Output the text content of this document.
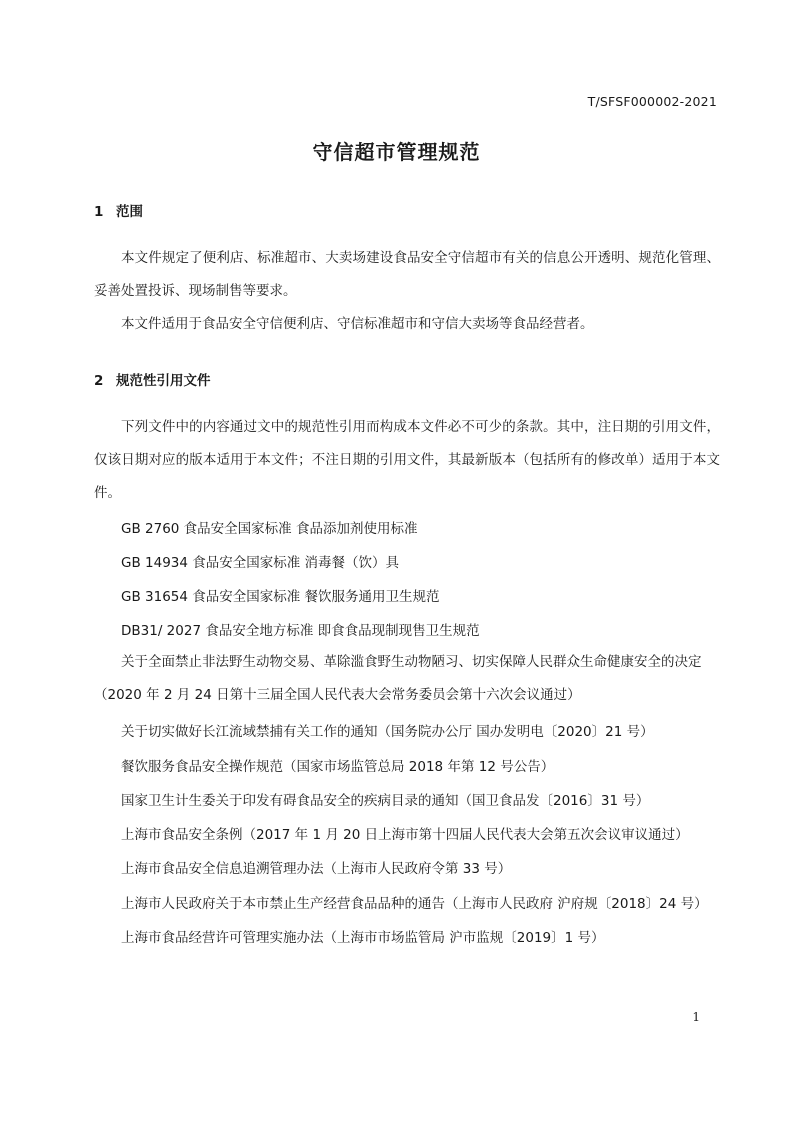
T/SFSF000002-2021
守信超市管理规范
1 范围

本文件规定了便利店、标准超市、大卖场建设食品安全守信超市有关的信息公开透明、规范化管理、妥善处置投诉、现场制售等要求。

本文件适用于食品安全守信便利店、守信标准超市和守信大卖场等食品经营者。

2 规范性引用文件

下列文件中的内容通过文中的规范性引用而构成本文件必不可少的条款。其中，注日期的引用文件，仅该日期对应的版本适用于本文件；不注日期的引用文件，其最新版本（包括所有的修改单）适用于本文件。

GB 2760 食品安全国家标准 食品添加剂使用标准

GB 14934 食品安全国家标准 消毒餐（饮）具

GB 31654 食品安全国家标准 餐饮服务通用卫生规范

DB31/ 2027 食品安全地方标准 即食食品现制现售卫生规范

关于全面禁止非法野生动物交易、革除滥食野生动物陋习、切实保障人民群众生命健康安全的决定（2020 年 2 月 24 日第十三届全国人民代表大会常务委员会第十六次会议通过）

关于切实做好长江流域禁捕有关工作的通知（国务院办公厅 国办发明电〔2020〕21 号）

餐饮服务食品安全操作规范（国家市场监管总局 2018 年第 12 号公告）

国家卫生计生委关于印发有碍食品安全的疾病目录的通知（国卫食品发〔2016〕31 号）

上海市食品安全条例（2017 年 1 月 20 日上海市第十四届人民代表大会第五次会议审议通过）

上海市食品安全信息追溯管理办法（上海市人民政府令第 33 号）

上海市人民政府关于本市禁止生产经营食品品种的通告（上海市人民政府 沪府规〔2018〕24 号）

上海市食品经营许可管理实施办法（上海市市场监管局 沪市监规〔2019〕1 号）

1
